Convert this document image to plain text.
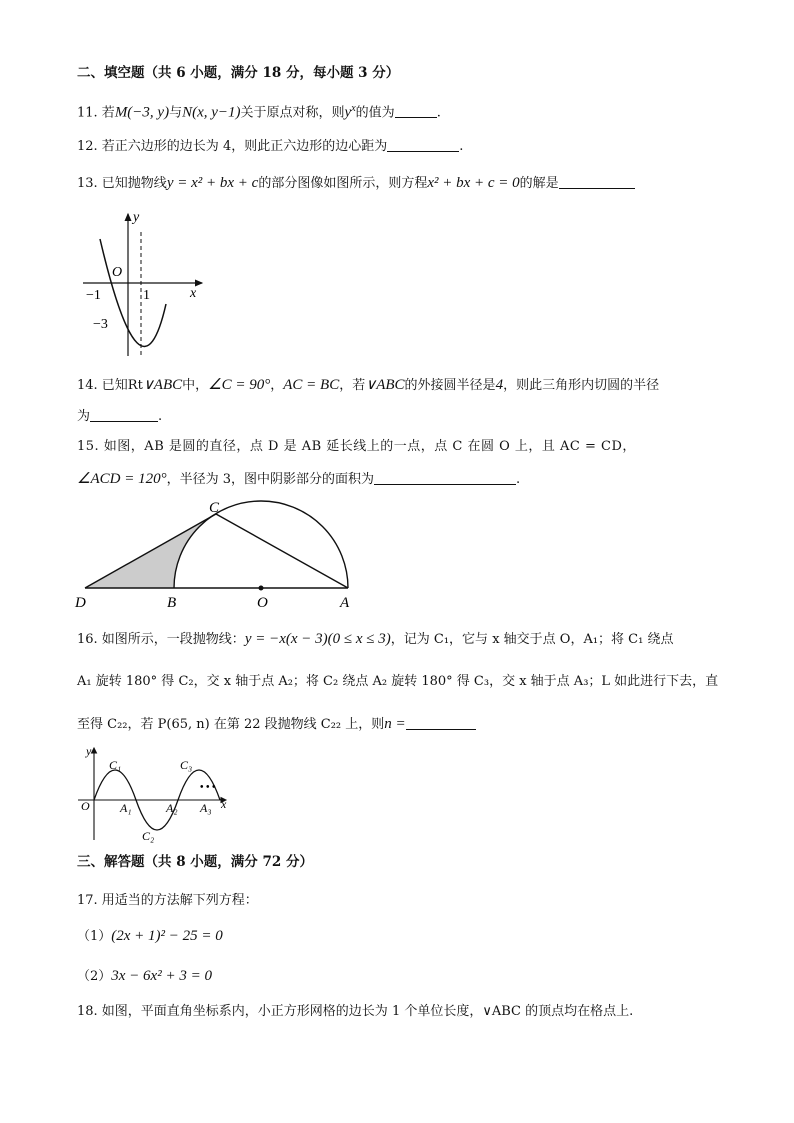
二、填空题（共 6 小题，满分 18 分，每小题 3 分）
11. 若M(−3, y)与N(x, y−1)关于原点对称，则$y^x$的值为	.
12. 若正六边形的边长为 4，则此正六边形的边心距为	.
13. 已知抛物线y = x² + bx + c的部分图像如图所示，则方程x² + bx + c = 0的解是
y
x
O
−1	1
−3
14. 已知Rt∨ABC中，∠C = 90°，AC = BC，若∨ABC的外接圆半径是4，则此三角形内切圆的半径
为	.
15. 如图，AB 是圆的直径，点 D 是 AB 延长线上的一点，点 C 在圆 O 上，且 AC = CD，
∠ACD = 120°，半径为 3，图中阴影部分的面积为	.
C
D	B	O	A
16. 如图所示，一段抛物线：y = −x(x − 3)(0 ≤ x ≤ 3)，记为 C₁，它与 x 轴交于点 O，A₁；将 C₁ 绕点
A₁ 旋转 180° 得 C₂，交 x 轴于点 A₂；将 C₂ 绕点 A₂ 旋转 180° 得 C₃，交 x 轴于点 A₃；L 如此进行下去，直
至得 C₂₂，若 P(65, n) 在第 22 段抛物线 C₂₂ 上，则n =
y
x
O
C₁
C₂
C₃
A₁	A₂ A₃
• • •
三、解答题（共 8 小题，满分 72 分）
17. 用适当的方法解下列方程：
（1）(2x + 1)² − 25 = 0
（2）3x − 6x² + 3 = 0
18. 如图，平面直角坐标系内，小正方形网格的边长为 1 个单位长度，∨ABC 的顶点均在格点上.
